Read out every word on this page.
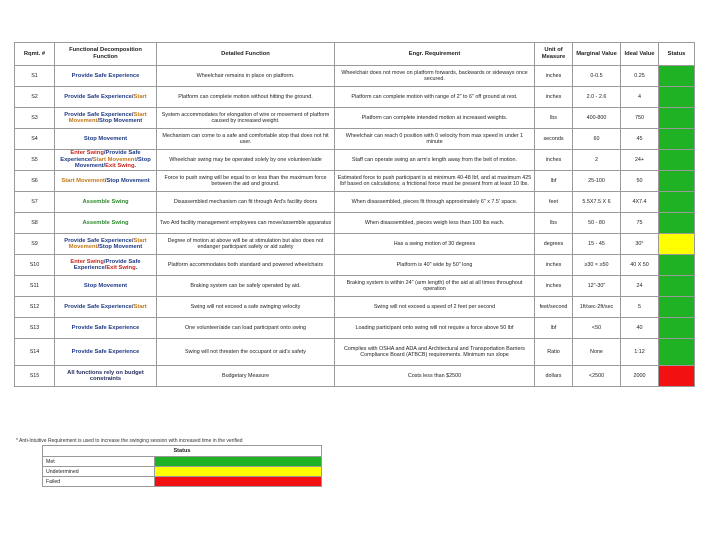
Rqmt. #	Functional Decomposition Function	Detailed Function	Engr. Requirement	Unit of Measure	Marginal Value	Ideal Value	Status
S1	Provide Safe Experience	Wheelchair remains in place on platform.	Wheelchair does not move on platform forwards, backwards or sideways once secured.	inches	0-0.5	0.25	
S2	Provide Safe Experience/Start	Platform can complete motion without hitting the ground.	Platform can complete motion with range of 2" to 6" off ground at rest.	inches	2.0 - 2.6	4	
S3	Provide Safe Experience/Start Movement/Stop Movement	System accommodates for elongation of wire or movement of platform caused by increased weight.	Platform can complete intended motion at increased weights.	lbs	400-800	750	
S4	Stop Movement	Mechanism can come to a safe and comfortable stop that does not hit user.	Wheelchair can reach 0 position with 0 velocity from max speed in under 1 minute	seconds	60	45	
S5	Enter Swing/Provide Safe Experience/Start Movement/Stop Movement/Exit Swing.	Wheelchair swing may be operated solely by one volunteer/aide	Staff can operate swing an arm's length away from the belt of motion.	inches	2	24+	
S6	Start Movement/Stop Movement	Force to push swing will be equal to or less than the maximum force between the aid and ground.	Estimated force to push participant is at minimum 40-48 lbf, and at maximum 425 lbf based on calculations; a frictional force must be present from at least 10 lbs.	lbf	25-100	50	
S7	Assemble Swing	Disassembled mechanism can fit through Ard's facility doors	When disassembled, pieces fit through approximately 6" x 7.5' space.	feet	5.5X7.5 X 6	4X7.4	
S8	Assemble Swing	Two Ard facility management employees can move/assemble apparatus	When disassembled, pieces weigh less than 100 lbs each.	lbs	50 - 80	75	
S9	Provide Safe Experience/Start Movement/Stop Movement	Degree of motion at above will be at stimulation but also does not endanger participant safety or aid safety	Has a swing motion of 30 degrees	degrees	15 - 45	30°	
S10	Enter Swing/Provide Safe Experience/Exit Swing.	Platform accommodates both standard and powered wheelchairs	Platform is 40" wide by 50" long	inches	≥30 × ≥50	40 X 50	
S11	Stop Movement	Braking system can be safely operated by aid.	Braking system is within 24" (arm length) of the aid at all times throughout operation	inches	12"-30"	24	
S12	Provide Safe Experience/Start	Swing will not exceed a safe swinging velocity	Swing will not exceed a speed of 2 feet per second	feet/second	1ft/sec-2ft/sec	5	
S13	Provide Safe Experience	One volunteer/aide can load participant onto swing	Loading participant onto swing will not require a force above 50 lbf	lbf	<50	40	
S14	Provide Safe Experience	Swing will not threaten the occupant or aid's safety	Complies with OSHA and ADA and Architectural and Transportation Barriers Compliance Board (ATBCB) requirements. Minimum run slope	Ratio	None	1:12	
S15	All functions rely on budget constraints	Budgetary Measure	Costs less than $2500	dollars	<2500	2000	
* Anti-Intuitive Requirement is used to increase the swinging session with increased time in the verified
Status	
Met	
Undetermined	
Failed	
